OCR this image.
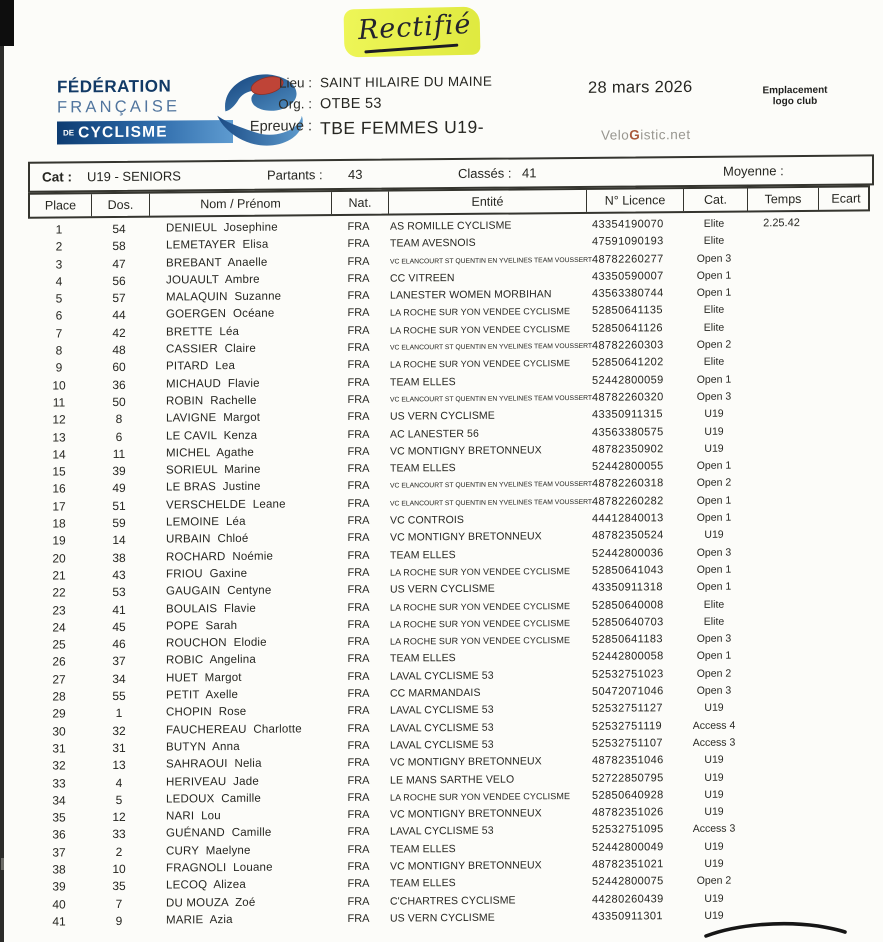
Rectifié
FÉDÉRATION
FRANÇAISE
DE CYCLISME
Lieu : SAINT HILAIRE DU MAINE
Org. : OTBE 53
Epreuve : TBE FEMMES U19-
28 mars 2026	Emplacement
logo club
VeloGistic.net
Cat : U19 - SENIORS	Partants : 43	Classés : 41	Moyenne :
Place	Dos.	Nom / Prénom	Nat.	Entité	N° Licence	Cat.	Temps	Ecart
1	54	DENIEUL  Josephine	FRA	AS ROMILLE CYCLISME	43354190070	Elite	2.25.42
2	58	LEMETAYER  Elisa	FRA	TEAM AVESNOIS	47591090193	Elite
3	47	BREBANT  Anaelle	FRA	VC ELANCOURT ST QUENTIN EN YVELINES TEAM VOUSSERT 48782260277	Open 3
4	56	JOUAULT  Ambre	FRA	CC VITREEN	43350590007	Open 1
5	57	MALAQUIN  Suzanne	FRA	LANESTER WOMEN MORBIHAN	43563380744	Open 1
6	44	GOERGEN  Océane	FRA	LA ROCHE SUR YON VENDEE CYCLISME	52850641135	Elite
7	42	BRETTE  Léa	FRA	LA ROCHE SUR YON VENDEE CYCLISME	52850641126	Elite
8	48	CASSIER  Claire	FRA	VC ELANCOURT ST QUENTIN EN YVELINES TEAM VOUSSERT 48782260303	Open 2
9	60	PITARD  Lea	FRA	LA ROCHE SUR YON VENDEE CYCLISME	52850641202	Elite
10	36	MICHAUD  Flavie	FRA	TEAM ELLES	52442800059	Open 1
11	50	ROBIN  Rachelle	FRA	VC ELANCOURT ST QUENTIN EN YVELINES TEAM VOUSSERT 48782260320	Open 3
12	8	LAVIGNE  Margot	FRA	US VERN CYCLISME	43350911315	U19
13	6	LE CAVIL  Kenza	FRA	AC LANESTER 56	43563380575	U19
14	11	MICHEL  Agathe	FRA	VC MONTIGNY BRETONNEUX	48782350902	U19
15	39	SORIEUL  Marine	FRA	TEAM ELLES	52442800055	Open 1
16	49	LE BRAS  Justine	FRA	VC ELANCOURT ST QUENTIN EN YVELINES TEAM VOUSSERT 48782260318	Open 2
17	51	VERSCHELDE  Leane	FRA	VC ELANCOURT ST QUENTIN EN YVELINES TEAM VOUSSERT 48782260282	Open 1
18	59	LEMOINE  Léa	FRA	VC CONTROIS	44412840013	Open 1
19	14	URBAIN  Chloé	FRA	VC MONTIGNY BRETONNEUX	48782350524	U19
20	38	ROCHARD  Noémie	FRA	TEAM ELLES	52442800036	Open 3
21	43	FRIOU  Gaxine	FRA	LA ROCHE SUR YON VENDEE CYCLISME	52850641043	Open 1
22	53	GAUGAIN  Centyne	FRA	US VERN CYCLISME	43350911318	Open 1
23	41	BOULAIS  Flavie	FRA	LA ROCHE SUR YON VENDEE CYCLISME	52850640008	Elite
24	45	POPE  Sarah	FRA	LA ROCHE SUR YON VENDEE CYCLISME	52850640703	Elite
25	46	ROUCHON  Elodie	FRA	LA ROCHE SUR YON VENDEE CYCLISME	52850641183	Open 3
26	37	ROBIC  Angelina	FRA	TEAM ELLES	52442800058	Open 1
27	34	HUET  Margot	FRA	LAVAL CYCLISME 53	52532751023	Open 2
28	55	PETIT  Axelle	FRA	CC MARMANDAIS	50472071046	Open 3
29	1	CHOPIN  Rose	FRA	LAVAL CYCLISME 53	52532751127	U19
30	32	FAUCHEREAU  Charlotte	FRA	LAVAL CYCLISME 53	52532751119	Access 4
31	31	BUTYN  Anna	FRA	LAVAL CYCLISME 53	52532751107	Access 3
32	13	SAHRAOUI  Nelia	FRA	VC MONTIGNY BRETONNEUX	48782351046	U19
33	4	HERIVEAU  Jade	FRA	LE MANS SARTHE VELO	52722850795	U19
34	5	LEDOUX  Camille	FRA	LA ROCHE SUR YON VENDEE CYCLISME	52850640928	U19
35	12	NARI  Lou	FRA	VC MONTIGNY BRETONNEUX	48782351026	U19
36	33	GUÉNAND  Camille	FRA	LAVAL CYCLISME 53	52532751095	Access 3
37	2	CURY  Maelyne	FRA	TEAM ELLES	52442800049	U19
38	10	FRAGNOLI  Louane	FRA	VC MONTIGNY BRETONNEUX	48782351021	U19
39	35	LECOQ  Alizea	FRA	TEAM ELLES	52442800075	Open 2
40	7	DU MOUZA  Zoé	FRA	C'CHARTRES CYCLISME	44280260439	U19
41	9	MARIE  Azia	FRA	US VERN CYCLISME	43350911301	U19
